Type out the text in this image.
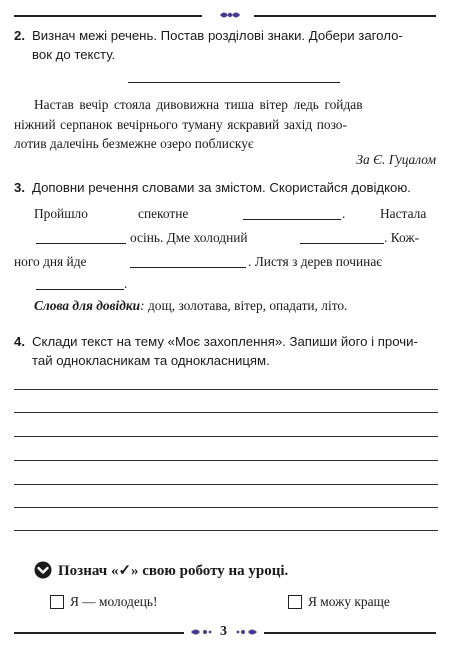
2. Визнач межі речень. Постав розділові знаки. Добери заголо-
вок до тексту.
Настав вечір стояла дивовижна тиша вітер ледь гойдав
ніжний серпанок вечірнього туману яскравий захід позо-
лотив далечінь безмежне озеро поблискує
За Є. Гуцалом
3. Доповни речення словами за змістом. Скористайся довідкою.
Пройшло	спекотне	.	Настала
осінь. Дме холодний	. Кож-
ного дня йде	. Листя з дерев починає
.
Слова для довідки: дощ, золотава, вітер, опадати, літо.
4. Склади текст на тему «Моє захоплення». Запиши його і прочи-
тай однокласникам та однокласницям.
Познач «✓» свою роботу на уроці.
Я — молодець!	Я можу краще
3
